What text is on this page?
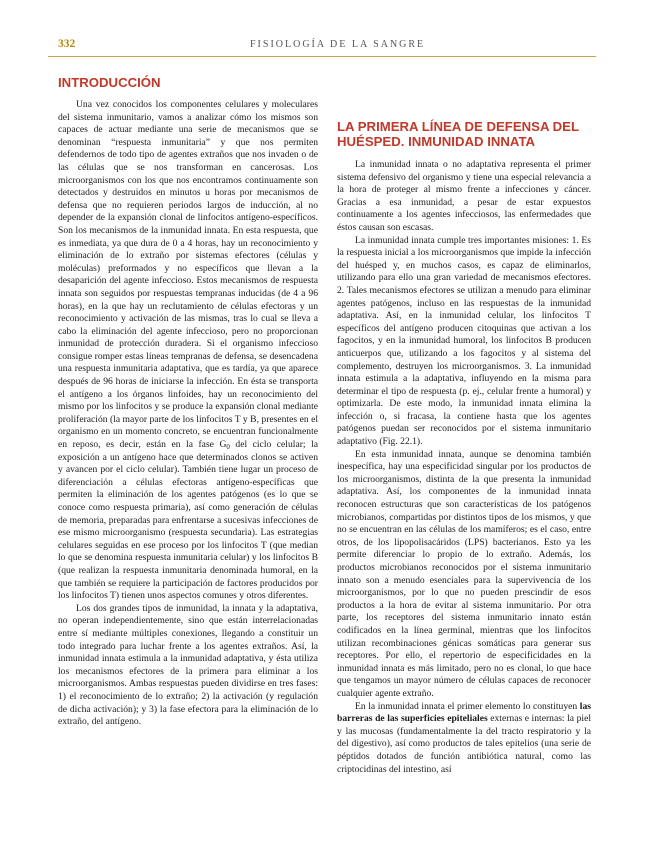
332	FISIOLOGÍA DE LA SANGRE
INTRODUCCIÓN

Una vez conocidos los componentes celulares y moleculares del sistema inmunitario, vamos a analizar cómo los mismos son capaces de actuar mediante una serie de mecanismos que se denominan “respuesta inmunitaria” y que nos permiten defendernos de todo tipo de agentes extraños que nos invaden o de las células que se nos transforman en cancerosas. Los microorganismos con los que nos encontramos continuamente son detectados y destruidos en minutos u horas por mecanismos de defensa que no requieren periodos largos de inducción, al no depender de la expansión clonal de linfocitos antígeno-específicos. Son los mecanismos de la inmunidad innata. En esta respuesta, que es inmediata, ya que dura de 0 a 4 horas, hay un reconocimiento y eliminación de lo extraño por sistemas efectores (células y moléculas) preformados y no específicos que llevan a la desaparición del agente infeccioso. Estos mecanismos de respuesta innata son seguidos por respuestas tempranas inducidas (de 4 a 96 horas), en la que hay un reclutamiento de células efectoras y un reconocimiento y activación de las mismas, tras lo cual se lleva a cabo la eliminación del agente infeccioso, pero no proporcionan inmunidad de protección duradera. Si el organismo infeccioso consigue romper estas líneas tempranas de defensa, se desencadena una respuesta inmunitaria adaptativa, que es tardía, ya que aparece después de 96 horas de iniciarse la infección. En ésta se transporta el antígeno a los órganos linfoides, hay un reconocimiento del mismo por los linfocitos y se produce la expansión clonal mediante proliferación (la mayor parte de los linfocitos T y B, presentes en el organismo en un momento concreto, se encuentran funcionalmente en reposo, es decir, están en la fase $G_0$ del ciclo celular; la exposición a un antígeno hace que determinados clonos se activen y avancen por el ciclo celular). También tiene lugar un proceso de diferenciación a células efectoras antígeno-específicas que permiten la eliminación de los agentes patógenos (es lo que se conoce como respuesta primaria), así como generación de células de memoria, preparadas para enfrentarse a sucesivas infecciones de ese mismo microorganismo (respuesta secundaria). Las estrategias celulares seguidas en ese proceso por los linfocitos T (que median lo que se denomina respuesta inmunitaria celular) y los linfocitos B (que realizan la respuesta inmunitaria denominada humoral, en la que también se requiere la participación de factores producidos por los linfocitos T) tienen unos aspectos comunes y otros diferentes.

Los dos grandes tipos de inmunidad, la innata y la adaptativa, no operan independientemente, sino que están interrelacionadas entre sí mediante múltiples conexiones, llegando a constituir un todo integrado para luchar frente a los agentes extraños. Así, la inmunidad innata estimula a la inmunidad adaptativa, y ésta utiliza los mecanismos efectores de la primera para eliminar a los microorganismos. Ambas respuestas pueden dividirse en tres fases: 1) el reconocimiento de lo extraño; 2) la activación (y regulación de dicha activación); y 3) la fase efectora para la eliminación de lo extraño, del antígeno.

LA PRIMERA LÍNEA DE DEFENSA DEL HUÉSPED. INMUNIDAD INNATA

La inmunidad innata o no adaptativa representa el primer sistema defensivo del organismo y tiene una especial relevancia a la hora de proteger al mismo frente a infecciones y cáncer. Gracias a esa inmunidad, a pesar de estar expuestos continuamente a los agentes infecciosos, las enfermedades que éstos causan son escasas.

La inmunidad innata cumple tres importantes misiones: 1. Es la respuesta inicial a los microorganismos que impide la infección del huésped y, en muchos casos, es capaz de eliminarlos, utilizando para ello una gran variedad de mecanismos efectores. 2. Tales mecanismos efectores se utilizan a menudo para eliminar agentes patógenos, incluso en las respuestas de la inmunidad adaptativa. Así, en la inmunidad celular, los linfocitos T específicos del antígeno producen citoquinas que activan a los fagocitos, y en la inmunidad humoral, los linfocitos B producen anticuerpos que, utilizando a los fagocitos y al sistema del complemento, destruyen los microorganismos. 3. La inmunidad innata estimula a la adaptativa, influyendo en la misma para determinar el tipo de respuesta (p. ej., celular frente a humoral) y optimizarla. De este modo, la inmunidad innata elimina la infección o, si fracasa, la contiene hasta que los agentes patógenos puedan ser reconocidos por el sistema inmunitario adaptativo (Fig. 22.1).

En esta inmunidad innata, aunque se denomina también inespecífica, hay una especificidad singular por los productos de los microorganismos, distinta de la que presenta la inmunidad adaptativa. Así, los componentes de la inmunidad innata reconocen estructuras que son características de los patógenos microbianos, compartidas por distintos tipos de los mismos, y que no se encuentran en las células de los mamíferos; es el caso, entre otros, de los lipopolisacáridos (LPS) bacterianos. Esto ya les permite diferenciar lo propio de lo extraño. Además, los productos microbianos reconocidos por el sistema inmunitario innato son a menudo esenciales para la supervivencia de los microorganismos, por lo que no pueden prescindir de esos productos a la hora de evitar al sistema inmunitario. Por otra parte, los receptores del sistema inmunitario innato están codificados en la línea germinal, mientras que los linfocitos utilizan recombinaciones génicas somáticas para generar sus receptores. Por ello, el repertorio de especificidades en la inmunidad innata es más limitado, pero no es clonal, lo que hace que tengamos un mayor número de células capaces de reconocer cualquier agente extraño.

En la inmunidad innata el primer elemento lo constituyen las barreras de las superficies epiteliales externas e internas: la piel y las mucosas (fundamentalmente la del tracto respiratorio y la del digestivo), así como productos de tales epitelios (una serie de péptidos dotados de función antibiótica natural, como las criptocidinas del intestino, así
